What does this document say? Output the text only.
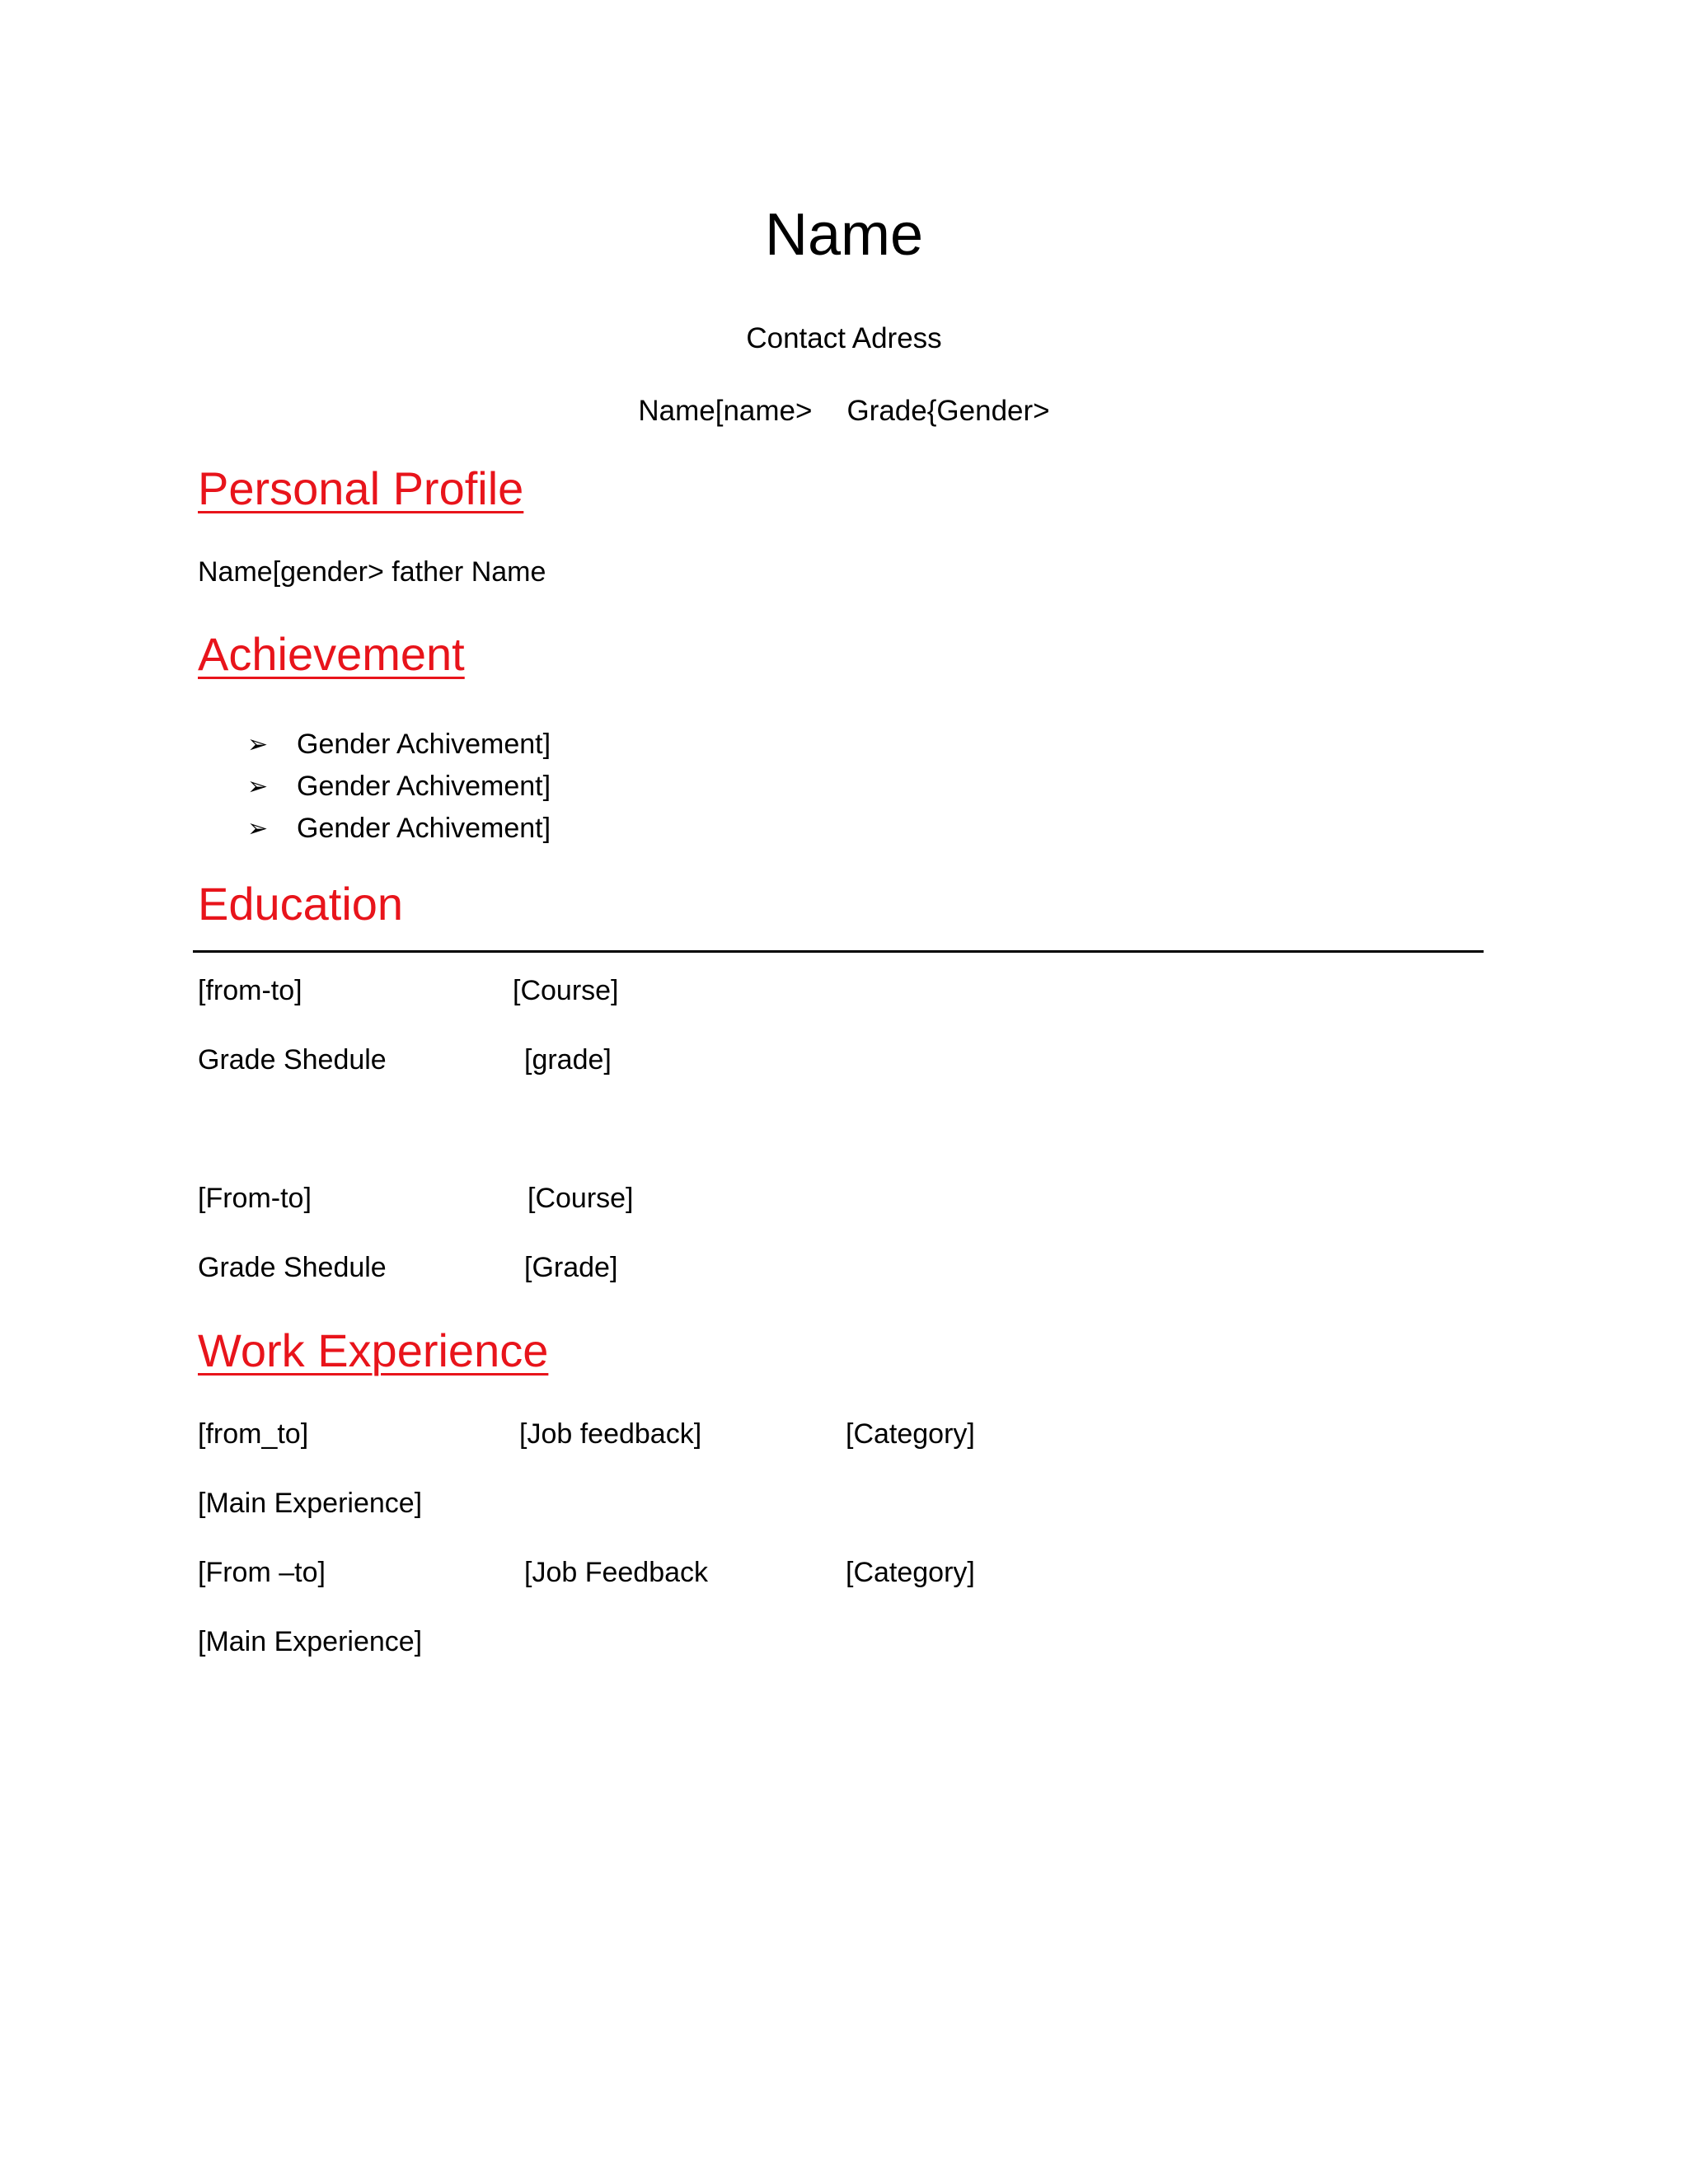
Name
Contact Adress
Name[name> Grade{Gender>
Personal Profile
Name[gender> father Name
Achievement
➢	Gender Achivement]
➢	Gender Achivement]
➢	Gender Achivement]
Education
[from-to]	[Course]
Grade Shedule	[grade]
[From-to]	[Course]
Grade Shedule	[Grade]
Work Experience
[from_to]	[Job feedback]	[Category]
[Main Experience]
[From –to]	[Job Feedback	[Category]
[Main Experience]
